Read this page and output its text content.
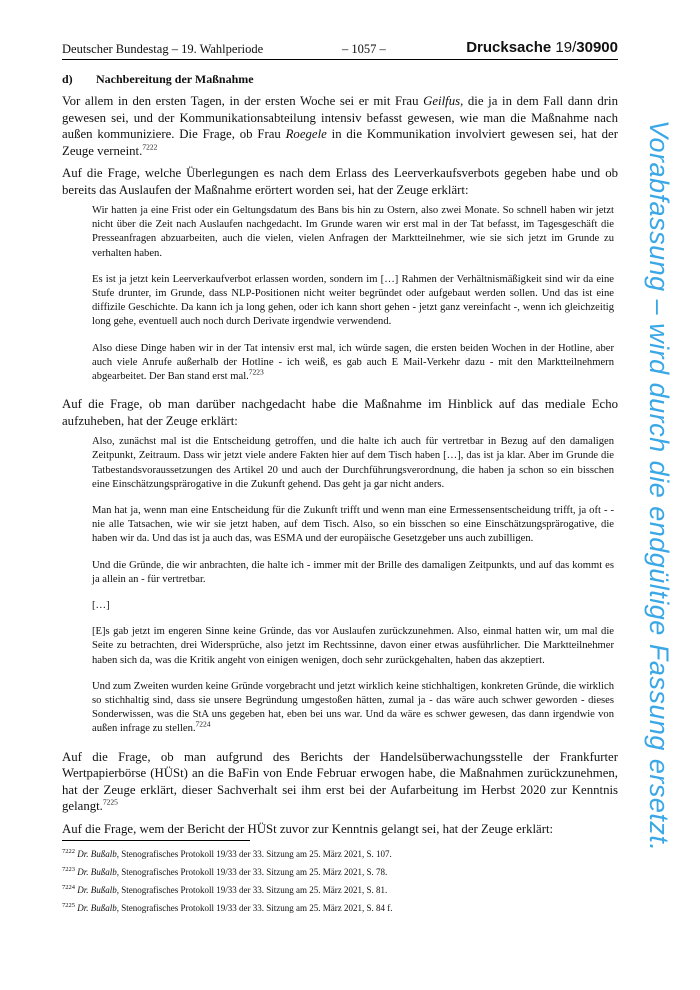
Deutscher Bundestag – 19. Wahlperiode	– 1057 –	Drucksache 19/30900
d) Nachbereitung der Maßnahme

Vor allem in den ersten Tagen, in der ersten Woche sei er mit Frau Geilfus, die ja in dem Fall dann drin gewesen sei, und der Kommunikationsabteilung intensiv befasst gewesen, wie man die Maßnahme nach außen kommuniziere. Die Frage, ob Frau Roegele in die Kommunikation involviert gewesen sei, hat der Zeuge verneint.$^{7222}$

Auf die Frage, welche Überlegungen es nach dem Erlass des Leerverkaufsverbots gegeben habe und ob bereits das Auslaufen der Maßnahme erörtert worden sei, hat der Zeuge erklärt:

Wir hatten ja eine Frist oder ein Geltungsdatum des Bans bis hin zu Ostern, also zwei Monate. So schnell haben wir jetzt nicht über die Zeit nach Auslaufen nachgedacht. Im Grunde waren wir erst mal in der Tat befasst, im Tagesgeschäft die Presseanfragen abzuarbeiten, auch die vielen, vielen Anfragen der Marktteilnehmer, wie sie sich jetzt im Grunde zu verhalten haben.

Es ist ja jetzt kein Leerverkaufverbot erlassen worden, sondern im […] Rahmen der Verhältnismäßigkeit sind wir da eine Stufe drunter, im Grunde, dass NLP-Positionen nicht weiter begründet oder aufgebaut werden sollen. Und das ist eine diffizile Geschichte. Da kann ich ja long gehen, oder ich kann short gehen - jetzt ganz vereinfacht -, wenn ich gleichzeitig long gehe, eventuell auch noch durch Derivate irgendwie verwendend.

Also diese Dinge haben wir in der Tat intensiv erst mal, ich würde sagen, die ersten beiden Wochen in der Hotline, aber auch viele Anrufe außerhalb der Hotline - ich weiß, es gab auch E Mail-Verkehr dazu - mit den Marktteilnehmern abgearbeitet. Der Ban stand erst mal.$^{7223}$

Auf die Frage, ob man darüber nachgedacht habe die Maßnahme im Hinblick auf das mediale Echo aufzuheben, hat der Zeuge erklärt:

Also, zunächst mal ist die Entscheidung getroffen, und die halte ich auch für vertretbar in Bezug auf den damaligen Zeitpunkt, Zeitraum. Dass wir jetzt viele andere Fakten hier auf dem Tisch haben […], das ist ja klar. Aber im Grunde die Tatbestandsvoraussetzungen des Artikel 20 und auch der Durchführungsverordnung, die haben ja schon so ein bisschen eine Einschätzungsprärogative in die Zukunft gehend. Das geht ja gar nicht anders.

Man hat ja, wenn man eine Entscheidung für die Zukunft trifft und wenn man eine Ermessensentscheidung trifft, ja oft - - nie alle Tatsachen, wie wir sie jetzt haben, auf dem Tisch. Also, so ein bisschen so eine Einschätzungsprärogative, die haben wir da. Und das ist ja auch das, was ESMA und der europäische Gesetzgeber uns auch zubilligen.

Und die Gründe, die wir anbrachten, die halte ich - immer mit der Brille des damaligen Zeitpunkts, und auf das kommt es ja allein an - für vertretbar.

[…]

[E]s gab jetzt im engeren Sinne keine Gründe, das vor Auslaufen zurückzunehmen. Also, einmal hatten wir, um mal die Seite zu betrachten, drei Widersprüche, also jetzt im Rechtssinne, davon einer etwas ausführlicher. Die Marktteilnehmer haben sich da, was die Kritik angeht von einigen wenigen, doch sehr zurückgehalten, haben das akzeptiert.

Und zum Zweiten wurden keine Gründe vorgebracht und jetzt wirklich keine stichhaltigen, konkreten Gründe, die wirklich so stichhaltig sind, dass sie unsere Begründung umgestoßen hätten, zumal ja - das wäre auch schwer geworden - dieses Sonderwissen, was die StA uns gegeben hat, eben bei uns war. Und da wäre es schwer gewesen, das dann irgendwie von außen infrage zu stellen.$^{7224}$

Auf die Frage, ob man aufgrund des Berichts der Handelsüberwachungsstelle der Frankfurter Wertpapierbörse (HÜSt) an die BaFin von Ende Februar erwogen habe, die Maßnahmen zurückzunehmen, hat der Zeuge erklärt, dieser Sachverhalt sei ihm erst bei der Aufarbeitung im Herbst 2020 zur Kenntnis gelangt.$^{7225}$

Auf die Frage, wem der Bericht der HÜSt zuvor zur Kenntnis gelangt sei, hat der Zeuge erklärt:

$^{7222}$ Dr. Bußalb, Stenografisches Protokoll 19/33 der 33. Sitzung am 25. März 2021, S. 107.
$^{7223}$ Dr. Bußalb, Stenografisches Protokoll 19/33 der 33. Sitzung am 25. März 2021, S. 78.
$^{7224}$ Dr. Bußalb, Stenografisches Protokoll 19/33 der 33. Sitzung am 25. März 2021, S. 81.
$^{7225}$ Dr. Bußalb, Stenografisches Protokoll 19/33 der 33. Sitzung am 25. März 2021, S. 84 f.
Vorabfassung – wird durch die endgültige Fassung ersetzt.
